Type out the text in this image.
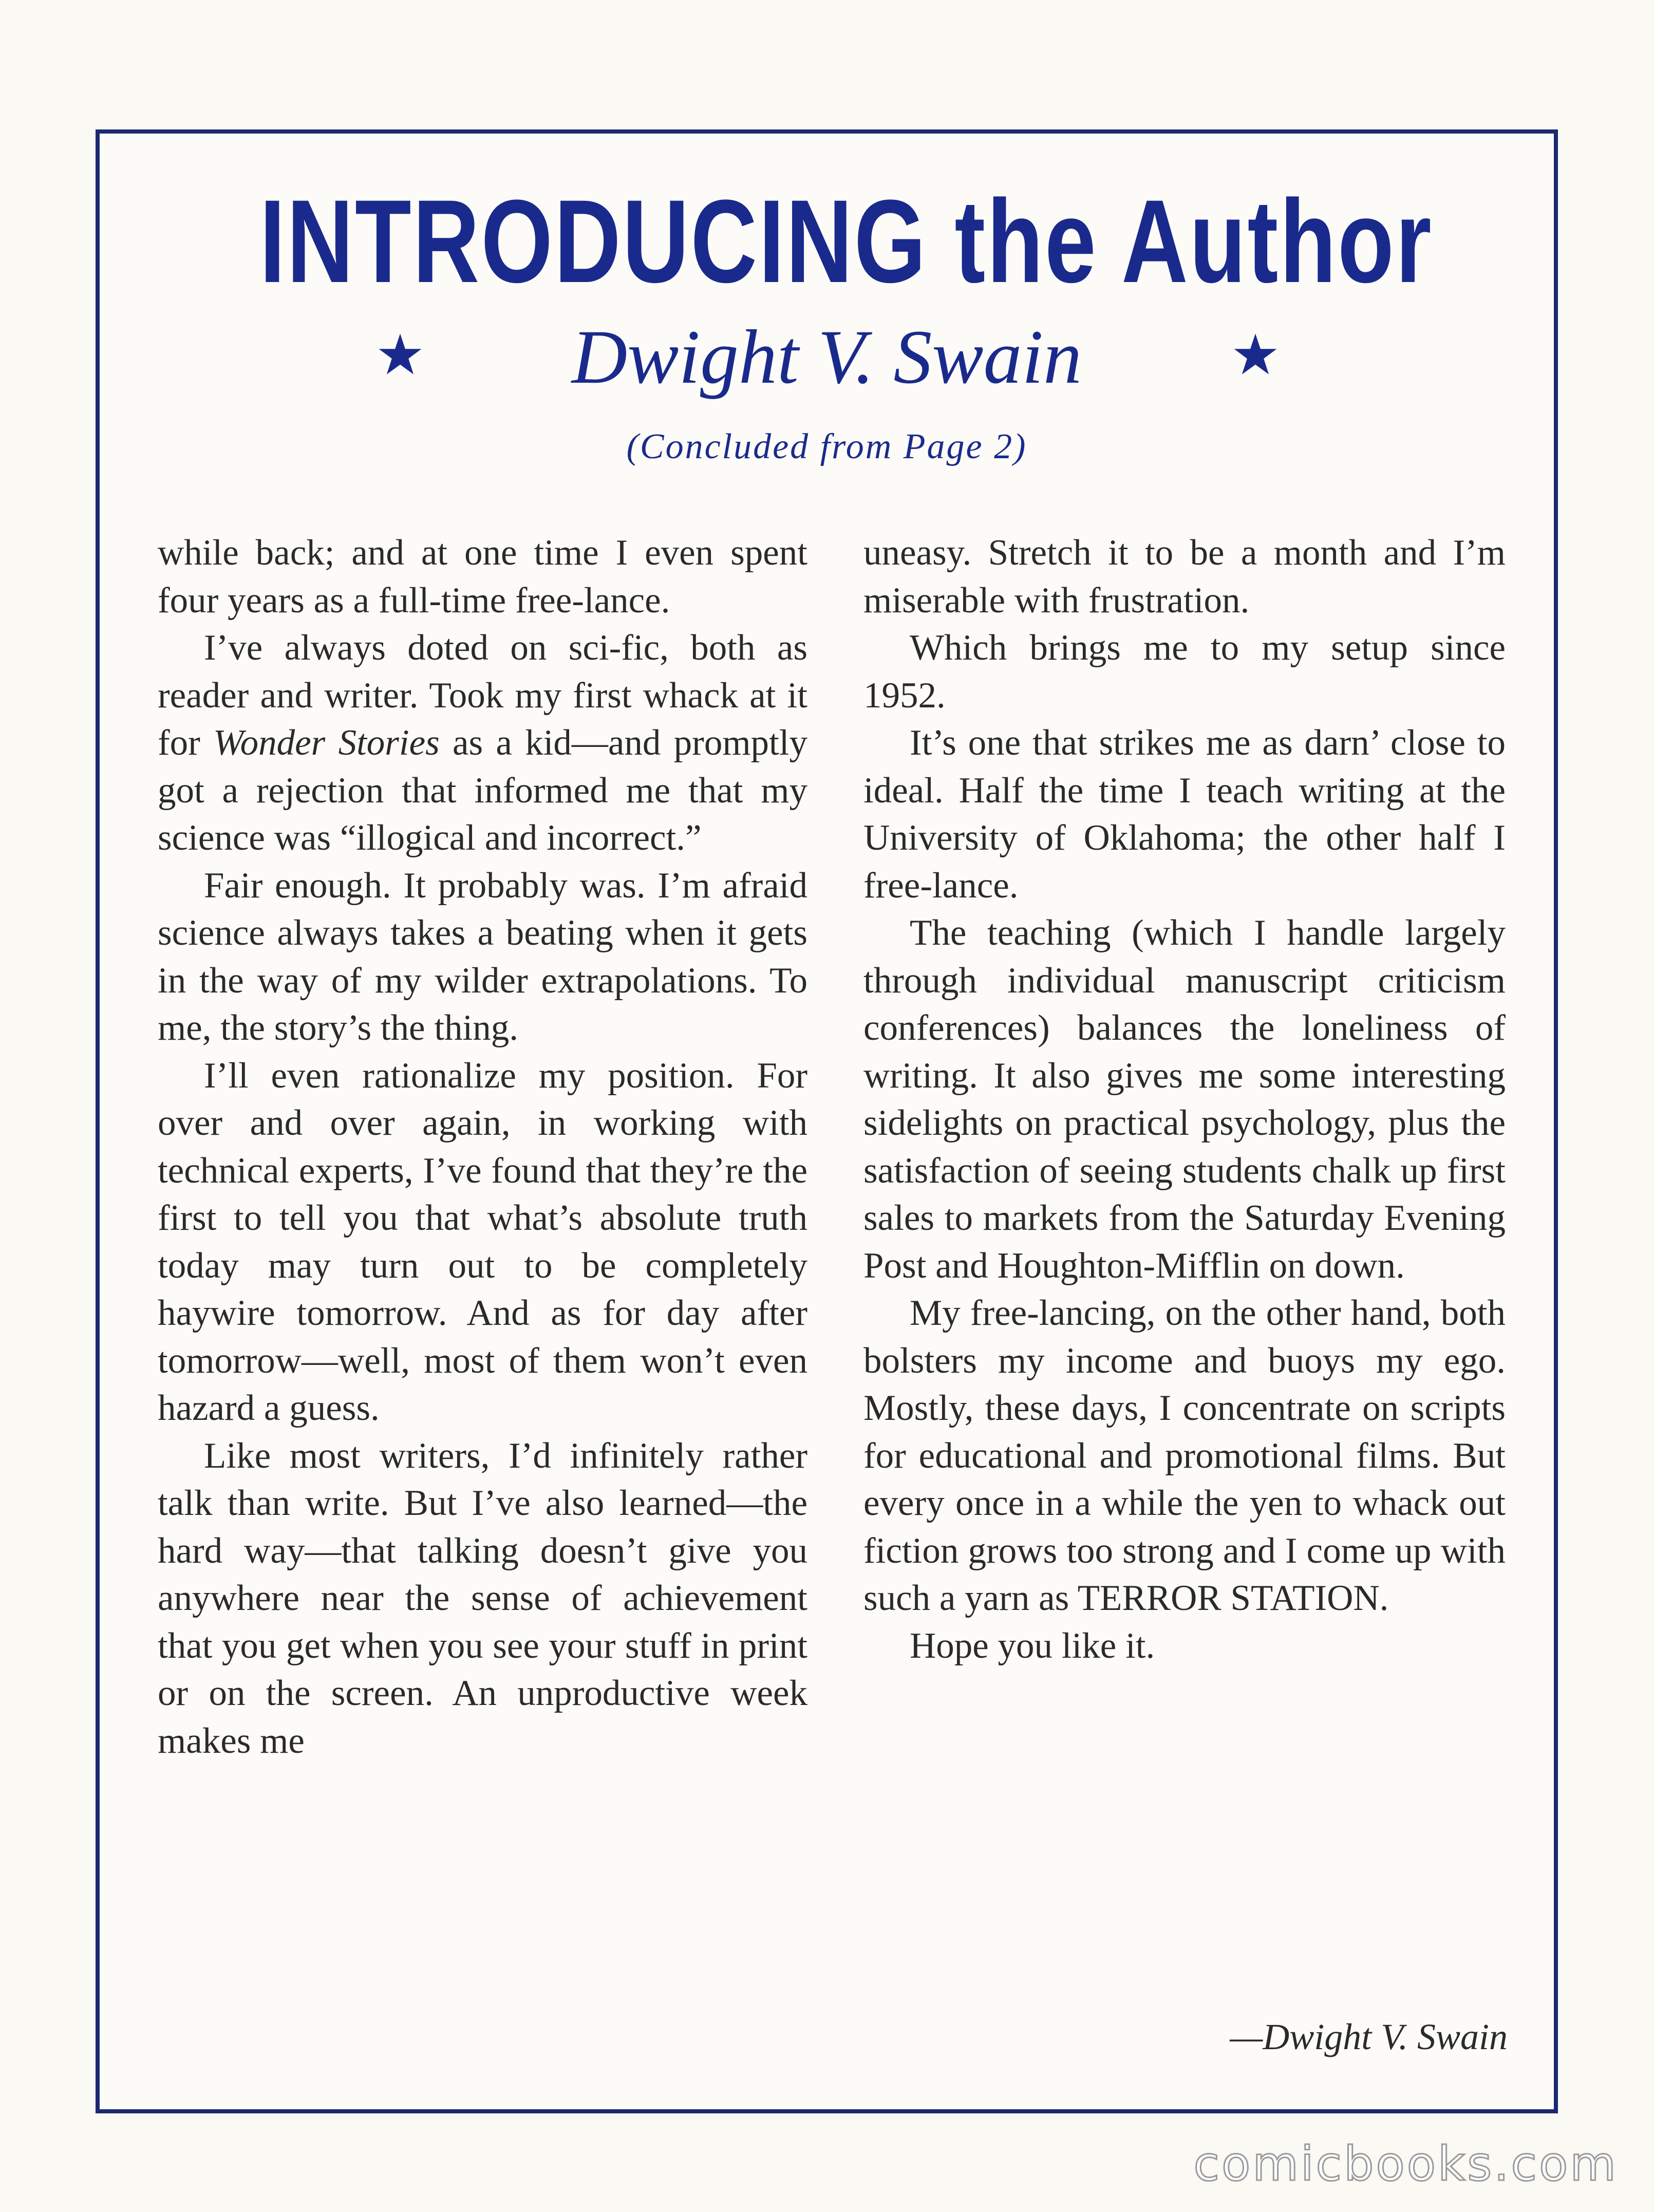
INTRODUCING the Author
Dwight V. Swain
(Concluded from Page 2)

while back; and at one time I even spent four years as a full-time free-lance.

I’ve always doted on sci-fic, both as reader and writer. Took my first whack at it for Wonder Stories as a kid—and promptly got a rejection that informed me that my science was “illogical and incorrect.”

Fair enough. It probably was. I’m afraid science always takes a beating when it gets in the way of my wilder extrapolations. To me, the story’s the thing.

I’ll even rationalize my position. For over and over again, in working with technical experts, I’ve found that they’re the first to tell you that what’s absolute truth today may turn out to be completely haywire tomorrow. And as for day after tomorrow—well, most of them won’t even hazard a guess.

Like most writers, I’d infinitely rather talk than write. But I’ve also learned—the hard way—that talking doesn’t give you anywhere near the sense of achievement that you get when you see your stuff in print or on the screen. An unproductive week makes me

uneasy. Stretch it to be a month and I’m miserable with frustration.

Which brings me to my setup since 1952.

It’s one that strikes me as darn’ close to ideal. Half the time I teach writing at the University of Oklahoma; the other half I free-lance.

The teaching (which I handle largely through individual manuscript criticism conferences) balances the loneliness of writing. It also gives me some interesting sidelights on practical psychology, plus the satisfaction of seeing students chalk up first sales to markets from the Saturday Evening Post and Houghton-Mifflin on down.

My free-lancing, on the other hand, both bolsters my income and buoys my ego. Mostly, these days, I concentrate on scripts for educational and promotional films. But every once in a while the yen to whack out fiction grows too strong and I come up with such a yarn as TERROR STATION.

Hope you like it.

—Dwight V. Swain
comicbooks.com
